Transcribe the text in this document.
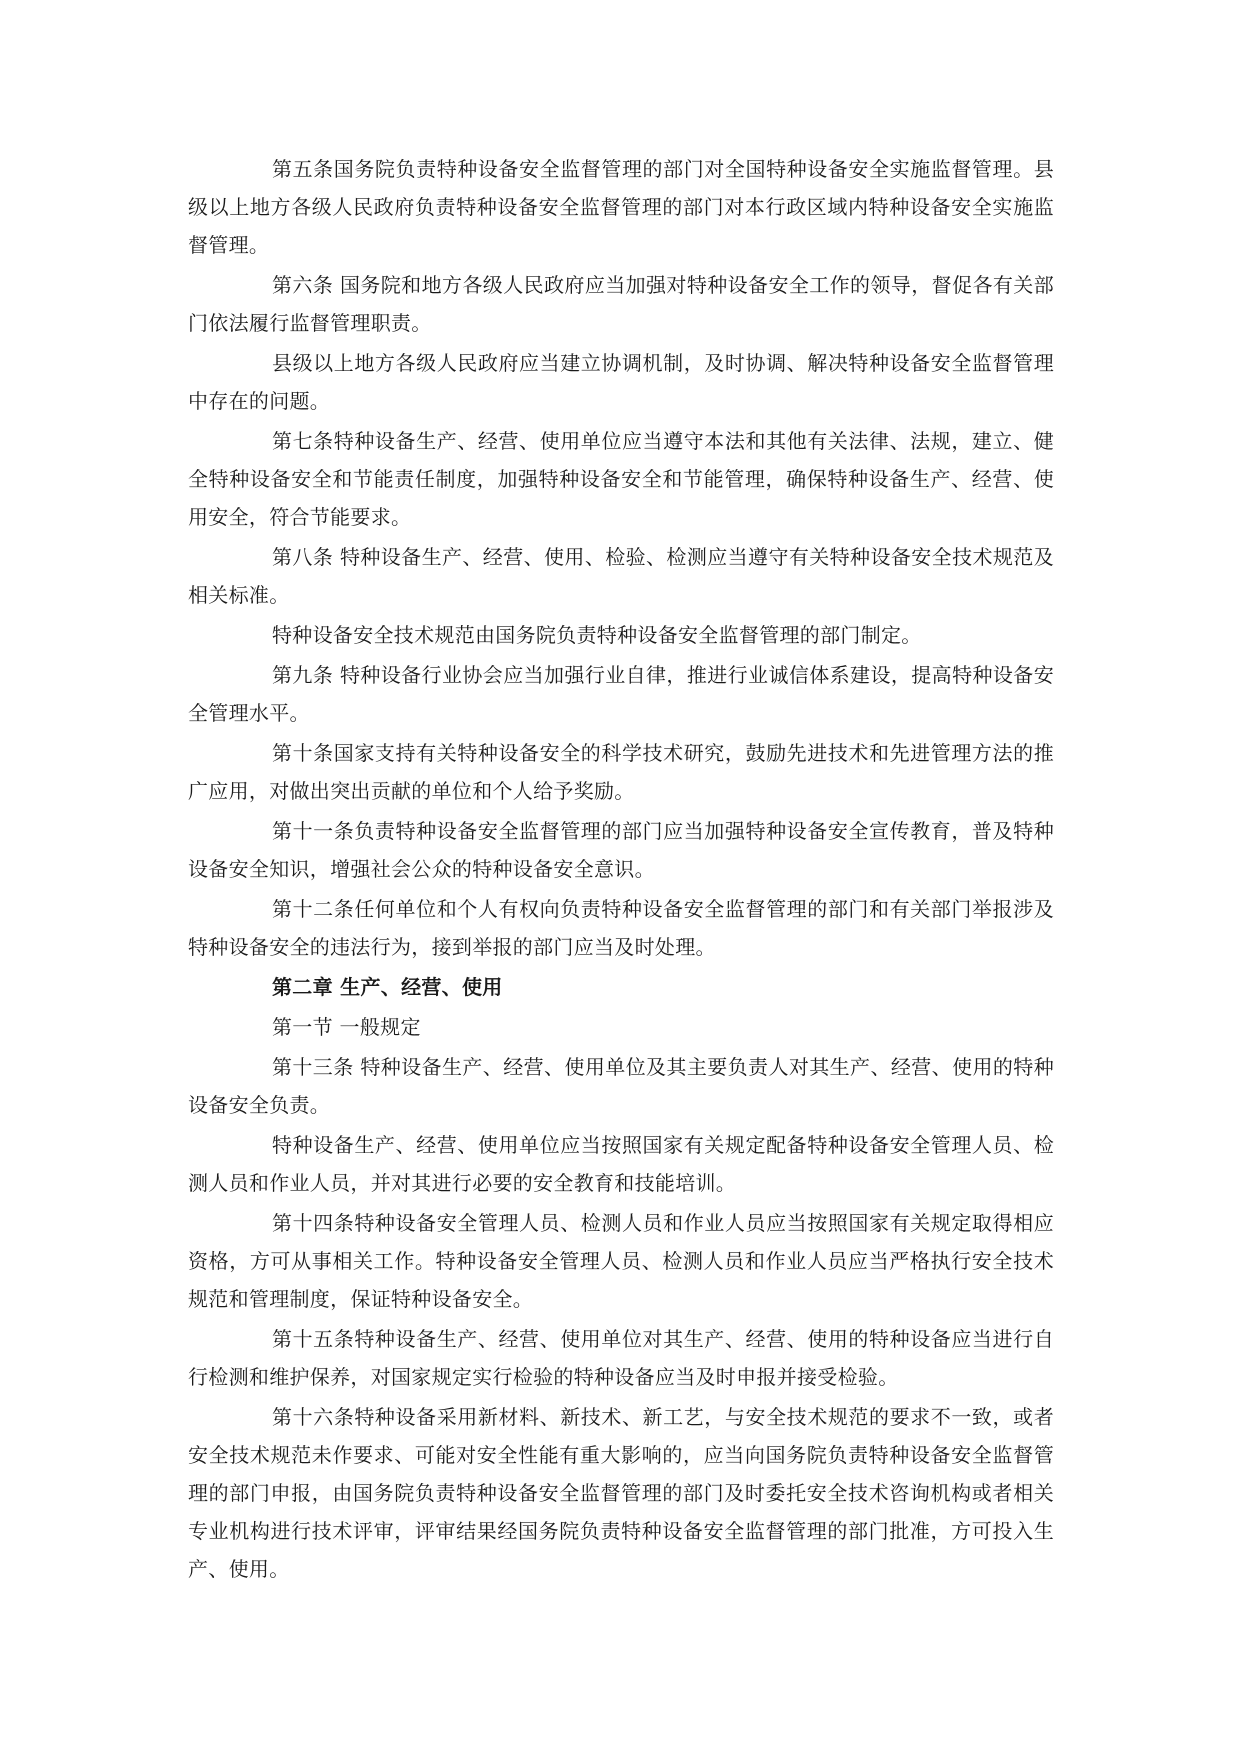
第五条国务院负责特种设备安全监督管理的部门对全国特种设备安全实施监督管理。县级以上地方各级人民政府负责特种设备安全监督管理的部门对本行政区域内特种设备安全实施监督管理。

第六条 国务院和地方各级人民政府应当加强对特种设备安全工作的领导，督促各有关部门依法履行监督管理职责。

县级以上地方各级人民政府应当建立协调机制，及时协调、解决特种设备安全监督管理中存在的问题。

第七条特种设备生产、经营、使用单位应当遵守本法和其他有关法律、法规，建立、健全特种设备安全和节能责任制度，加强特种设备安全和节能管理，确保特种设备生产、经营、使用安全，符合节能要求。

第八条 特种设备生产、经营、使用、检验、检测应当遵守有关特种设备安全技术规范及相关标准。

特种设备安全技术规范由国务院负责特种设备安全监督管理的部门制定。

第九条 特种设备行业协会应当加强行业自律，推进行业诚信体系建设，提高特种设备安全管理水平。

第十条国家支持有关特种设备安全的科学技术研究，鼓励先进技术和先进管理方法的推广应用，对做出突出贡献的单位和个人给予奖励。

第十一条负责特种设备安全监督管理的部门应当加强特种设备安全宣传教育，普及特种设备安全知识，增强社会公众的特种设备安全意识。

第十二条任何单位和个人有权向负责特种设备安全监督管理的部门和有关部门举报涉及特种设备安全的违法行为，接到举报的部门应当及时处理。

第二章 生产、经营、使用

第一节 一般规定

第十三条 特种设备生产、经营、使用单位及其主要负责人对其生产、经营、使用的特种设备安全负责。

特种设备生产、经营、使用单位应当按照国家有关规定配备特种设备安全管理人员、检测人员和作业人员，并对其进行必要的安全教育和技能培训。

第十四条特种设备安全管理人员、检测人员和作业人员应当按照国家有关规定取得相应资格，方可从事相关工作。特种设备安全管理人员、检测人员和作业人员应当严格执行安全技术规范和管理制度，保证特种设备安全。

第十五条特种设备生产、经营、使用单位对其生产、经营、使用的特种设备应当进行自行检测和维护保养，对国家规定实行检验的特种设备应当及时申报并接受检验。

第十六条特种设备采用新材料、新技术、新工艺，与安全技术规范的要求不一致，或者安全技术规范未作要求、可能对安全性能有重大影响的，应当向国务院负责特种设备安全监督管理的部门申报，由国务院负责特种设备安全监督管理的部门及时委托安全技术咨询机构或者相关专业机构进行技术评审，评审结果经国务院负责特种设备安全监督管理的部门批准，方可投入生产、使用。
